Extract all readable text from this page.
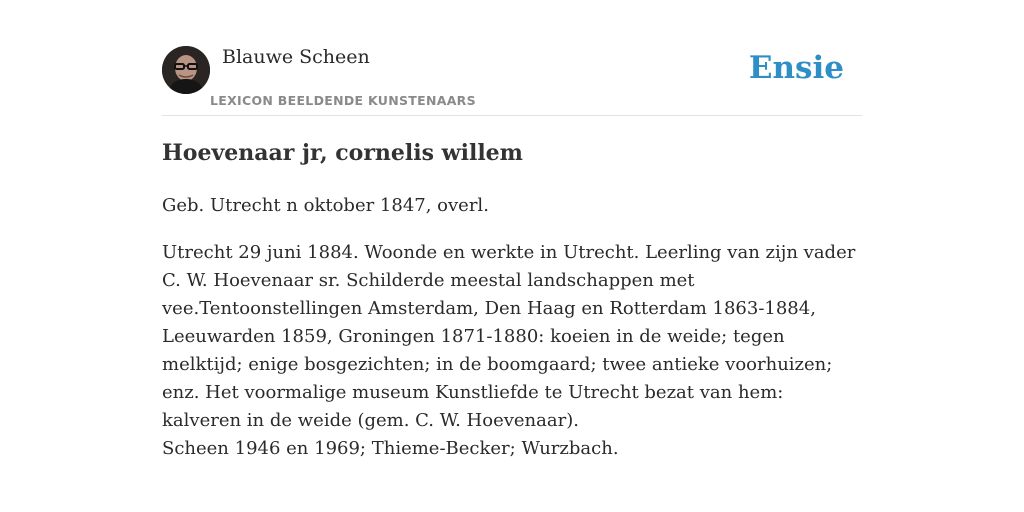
Blauwe Scheen
LEXICON BEELDENDE KUNSTENAARS
Ensie
Hoevenaar jr, cornelis willem

Geb. Utrecht n oktober 1847, overl.

Utrecht 29 juni 1884. Woonde en werkte in Utrecht. Leerling van zijn vader C. W. Hoevenaar sr. Schilderde meestal landschappen met vee.Tentoonstellingen Amsterdam, Den Haag en Rotterdam 1863-1884, Leeuwarden 1859, Groningen 1871-1880: koeien in de weide; tegen melktijd; enige bosgezichten; in de boomgaard; twee antieke voorhuizen; enz. Het voormalige museum Kunstliefde te Utrecht bezat van hem: kalveren in de weide (gem. C. W. Hoevenaar).

Scheen 1946 en 1969; Thieme-Becker; Wurzbach.
